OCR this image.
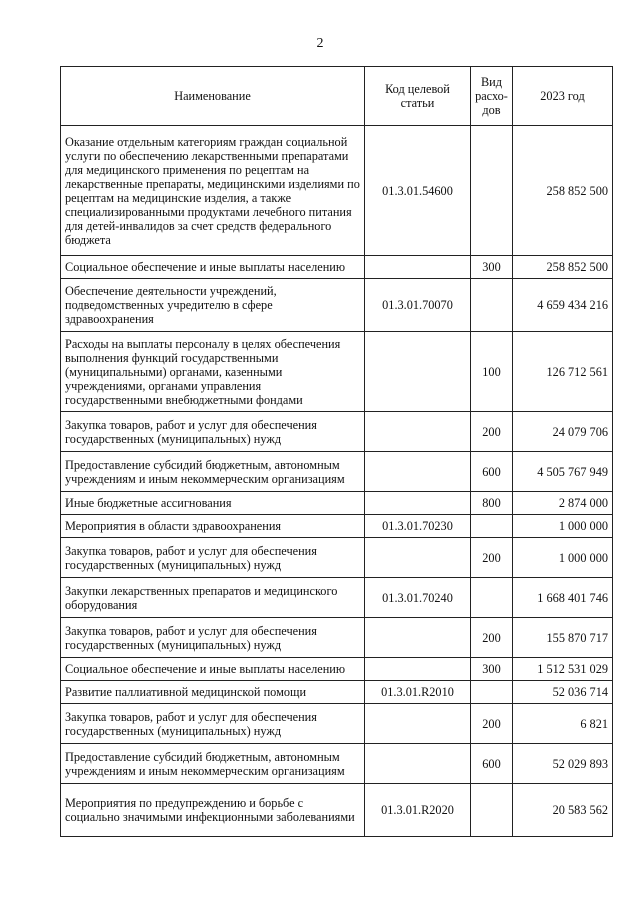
2
Наименование	Код целевой статьи	Вид расхо-дов	2023 год
Оказание отдельным категориям граждан социальной услуги по обеспечению лекарственными препаратами для медицинского применения по рецептам на лекарственные препараты, медицинскими изделиями по рецептам на медицинские изделия, а также специализированными продуктами лечебного питания для детей-инвалидов за счет средств федерального бюджета	01.3.01.54600		258 852 500
Социальное обеспечение и иные выплаты населению		300	258 852 500
Обеспечение деятельности учреждений, подведомственных учредителю в сфере здравоохранения	01.3.01.70070		4 659 434 216
Расходы на выплаты персоналу в целях обеспечения выполнения функций государственными (муниципальными) органами, казенными учреждениями, органами управления государственными внебюджетными фондами		100	126 712 561
Закупка товаров, работ и услуг для обеспечения государственных (муниципальных) нужд		200	24 079 706
Предоставление субсидий бюджетным, автономным учреждениям и иным некоммерческим организациям		600	4 505 767 949
Иные бюджетные ассигнования		800	2 874 000
Мероприятия в области здравоохранения	01.3.01.70230		1 000 000
Закупка товаров, работ и услуг для обеспечения государственных (муниципальных) нужд		200	1 000 000
Закупки лекарственных препаратов и медицинского оборудования	01.3.01.70240		1 668 401 746
Закупка товаров, работ и услуг для обеспечения государственных (муниципальных) нужд		200	155 870 717
Социальное обеспечение и иные выплаты населению		300	1 512 531 029
Развитие паллиативной медицинской помощи	01.3.01.R2010		52 036 714
Закупка товаров, работ и услуг для обеспечения государственных (муниципальных) нужд		200	6 821
Предоставление субсидий бюджетным, автономным учреждениям и иным некоммерческим организациям		600	52 029 893
Мероприятия по предупреждению и борьбе с социально значимыми инфекционными заболеваниями	01.3.01.R2020		20 583 562
